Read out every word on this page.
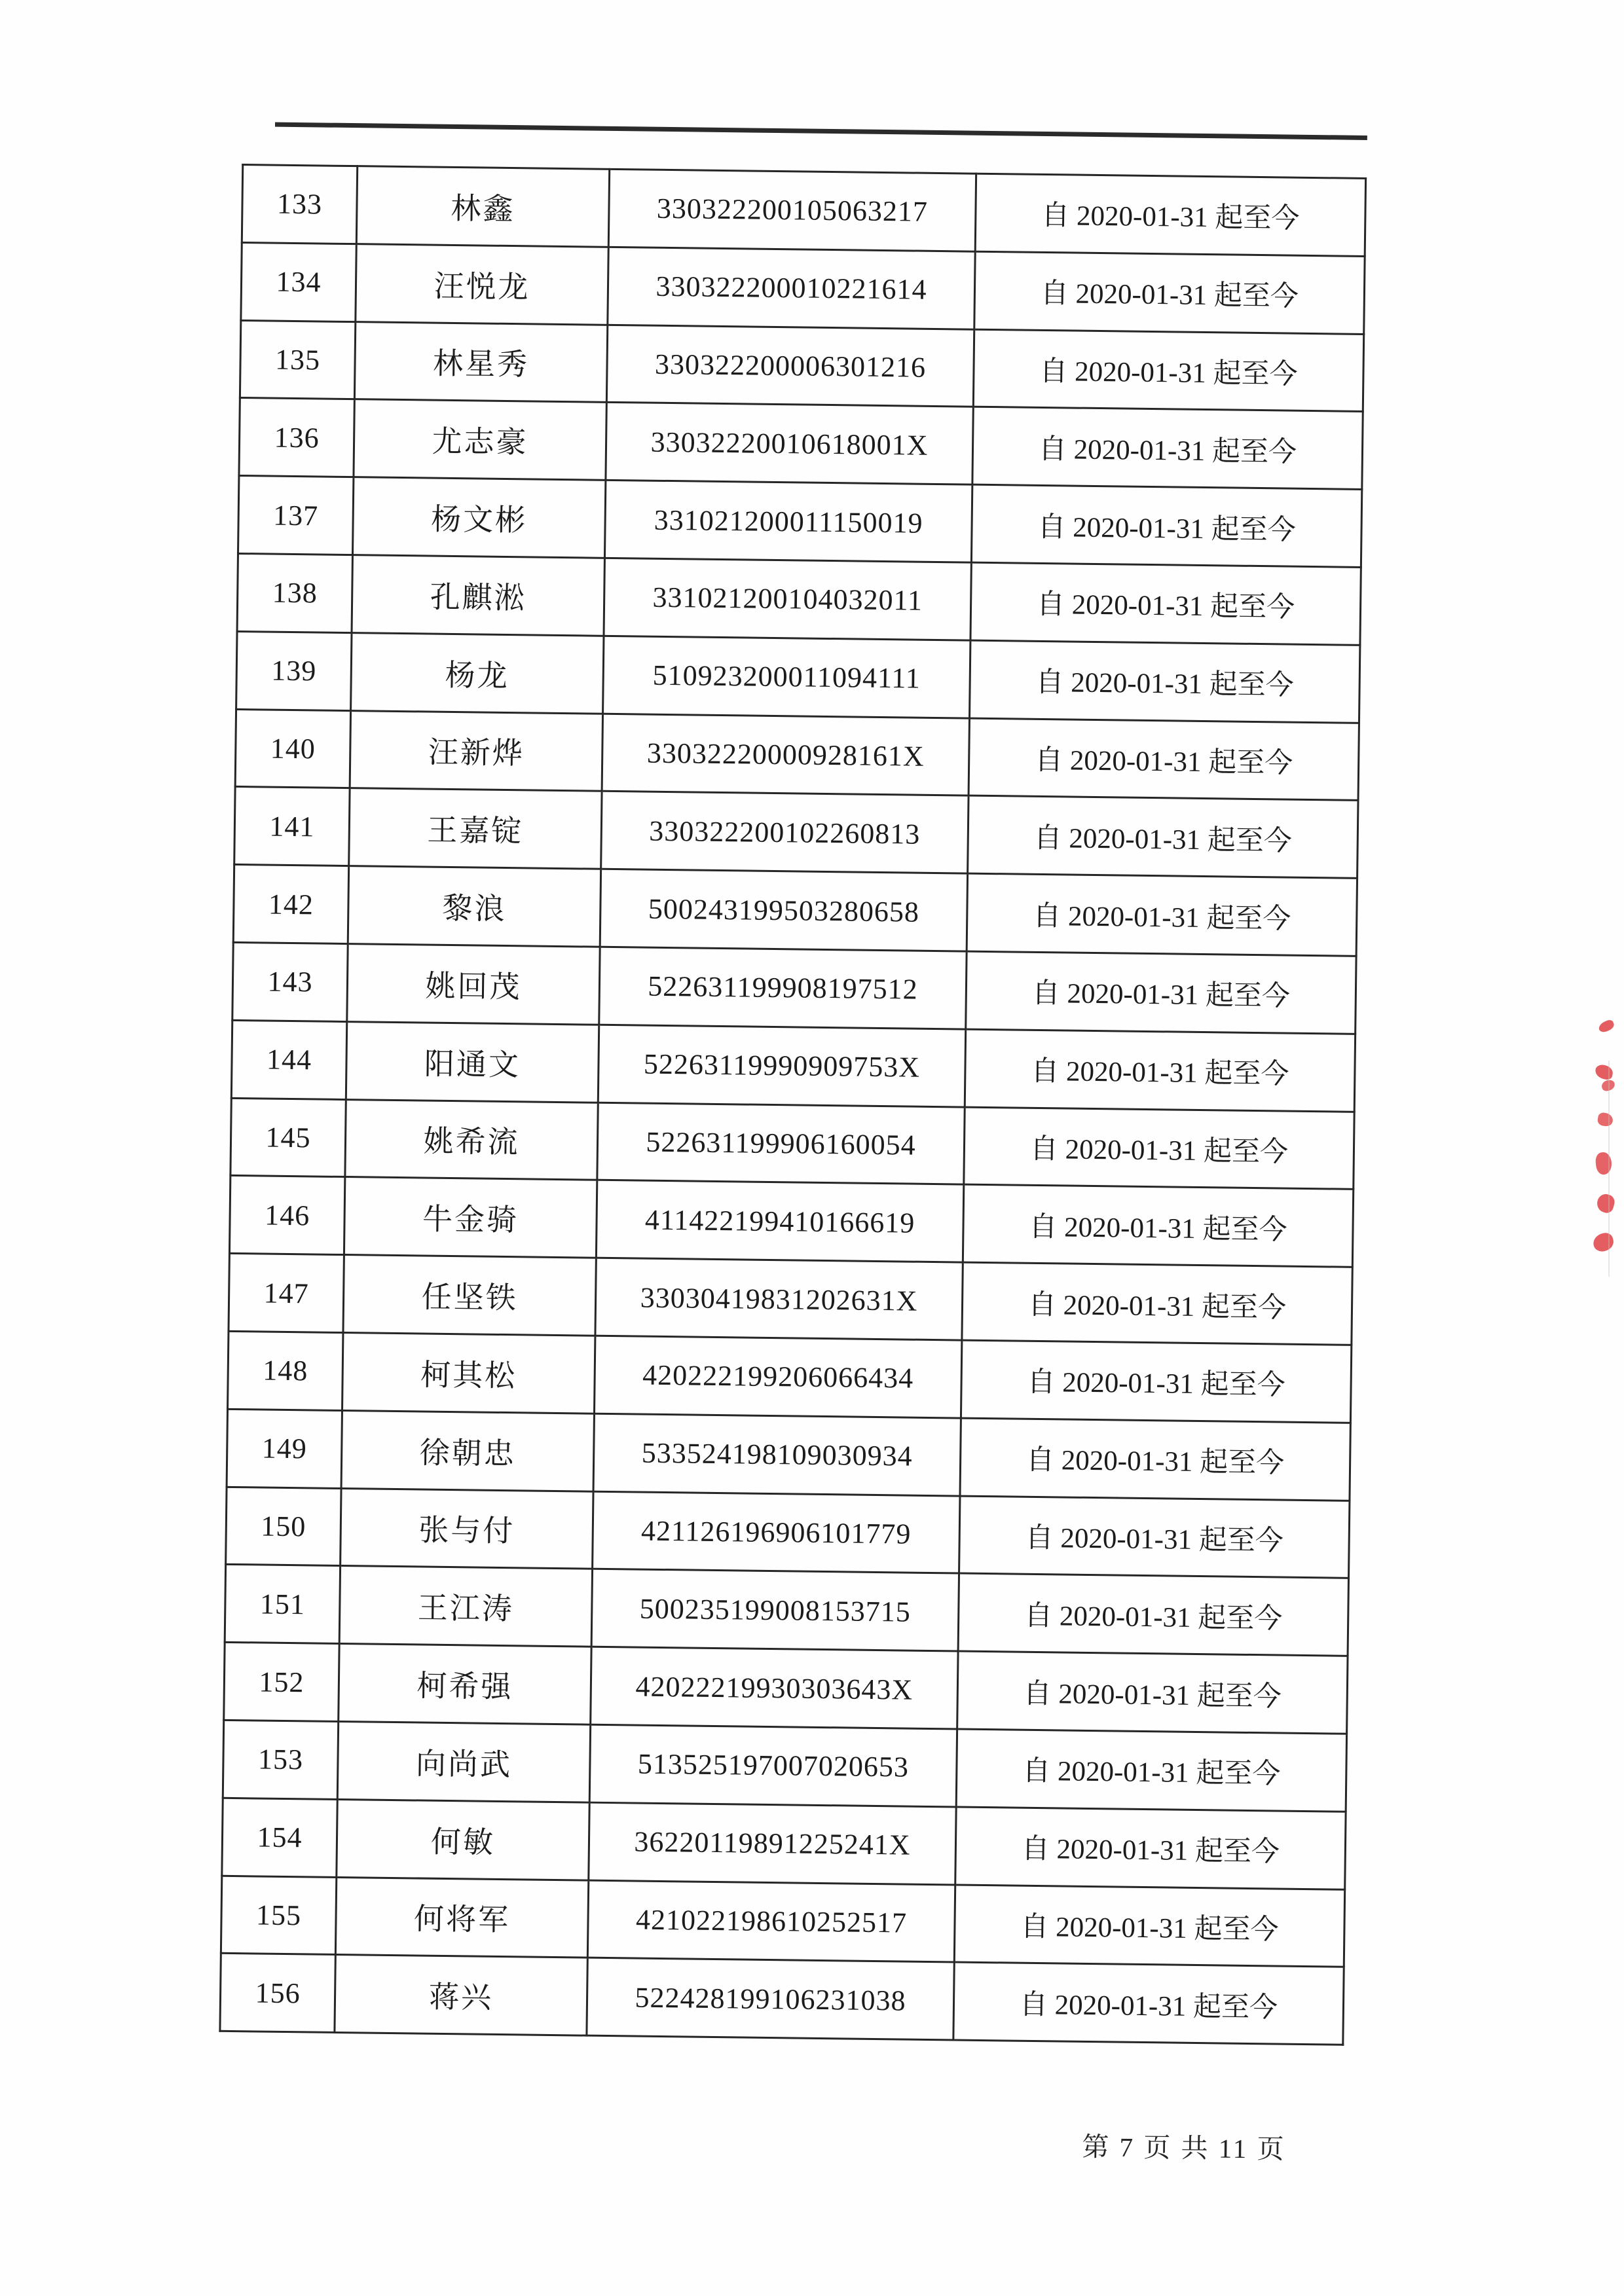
133	林鑫	330322200105063217	自 2020-01-31 起至今
134	汪悦龙	330322200010221614	自 2020-01-31 起至今
135	林星秀	330322200006301216	自 2020-01-31 起至今
136	尤志豪	33032220010618001X	自 2020-01-31 起至今
137	杨文彬	331021200011150019	自 2020-01-31 起至今
138	孔麒淞	331021200104032011	自 2020-01-31 起至今
139	杨龙	510923200011094111	自 2020-01-31 起至今
140	汪新烨	33032220000928161X	自 2020-01-31 起至今
141	王嘉锭	330322200102260813	自 2020-01-31 起至今
142	黎浪	500243199503280658	自 2020-01-31 起至今
143	姚回茂	522631199908197512	自 2020-01-31 起至今
144	阳通文	52263119990909753X	自 2020-01-31 起至今
145	姚希流	522631199906160054	自 2020-01-31 起至今
146	牛金骑	411422199410166619	自 2020-01-31 起至今
147	任坚铁	33030419831202631X	自 2020-01-31 起至今
148	柯其松	420222199206066434	自 2020-01-31 起至今
149	徐朝忠	533524198109030934	自 2020-01-31 起至今
150	张与付	421126196906101779	自 2020-01-31 起至今
151	王江涛	500235199008153715	自 2020-01-31 起至今
152	柯希强	42022219930303643X	自 2020-01-31 起至今
153	向尚武	513525197007020653	自 2020-01-31 起至今
154	何敏	36220119891225241X	自 2020-01-31 起至今
155	何将军	421022198610252517	自 2020-01-31 起至今
156	蒋兴	522428199106231038	自 2020-01-31 起至今
第 7 页 共 11 页
